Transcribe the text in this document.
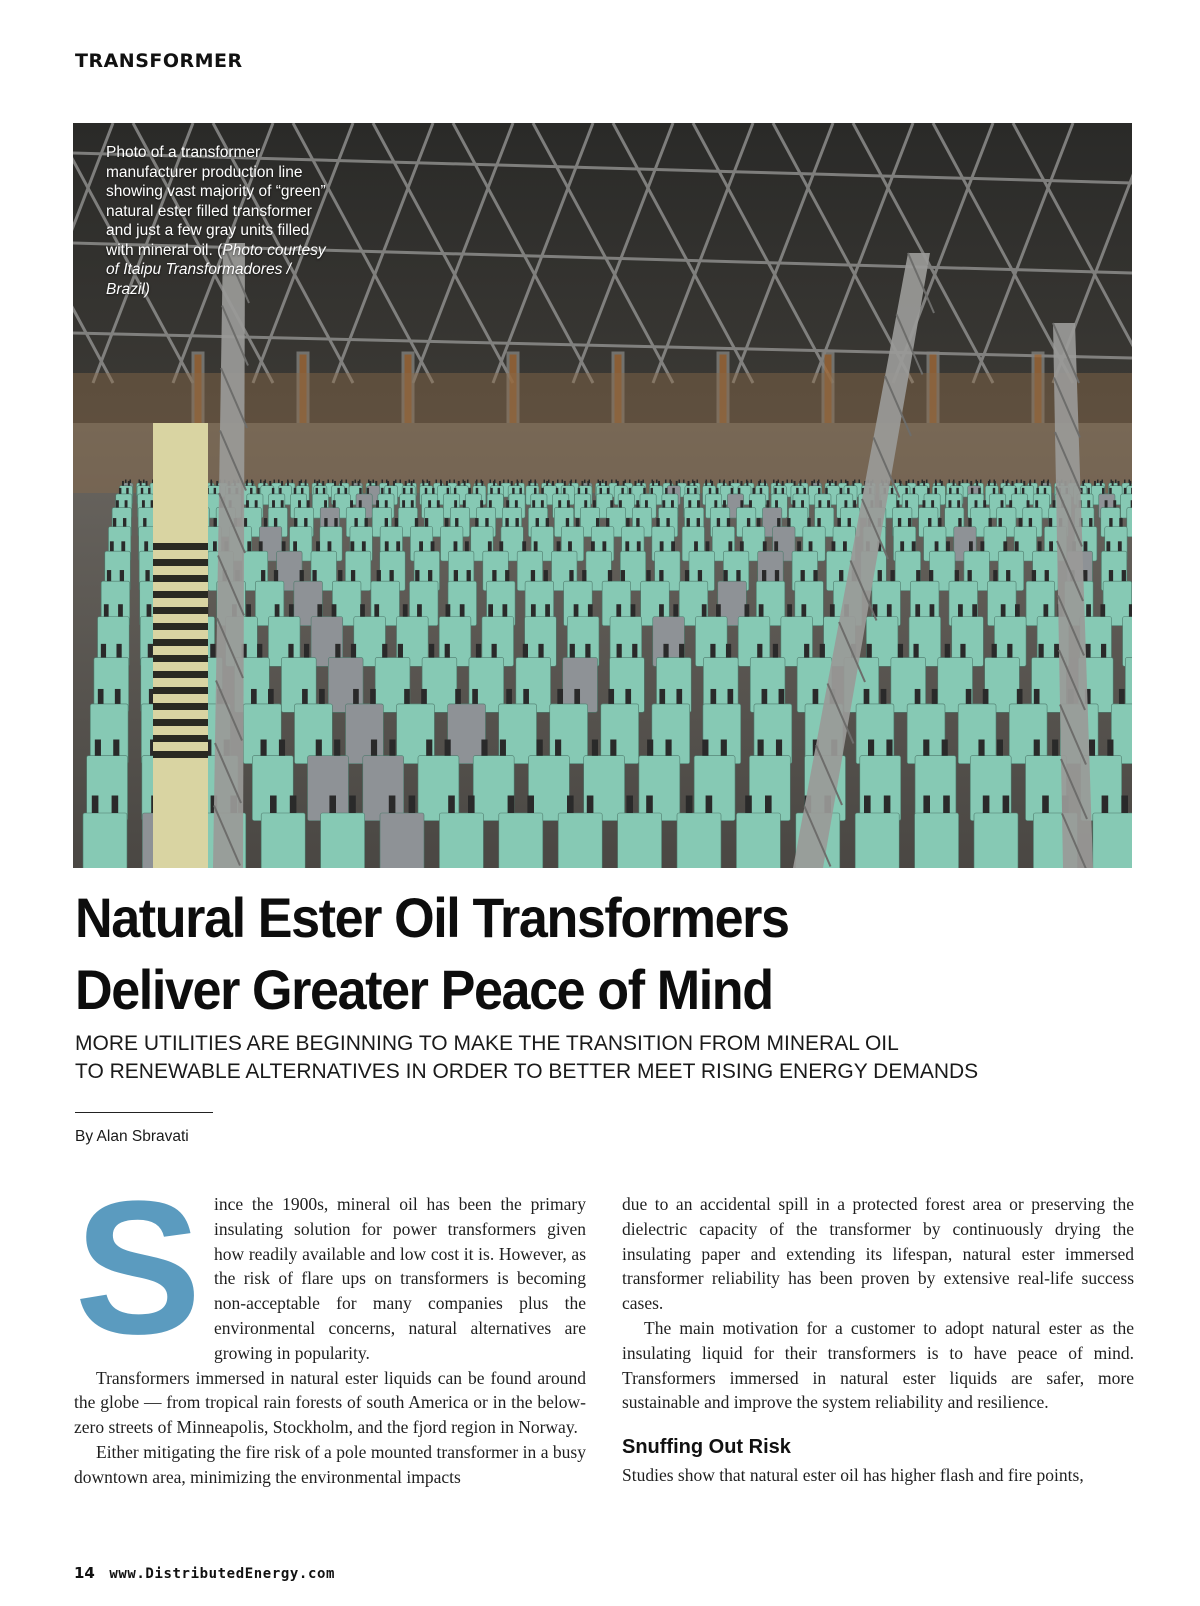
TRANSFORMER
Photo of a transformer manufacturer production line showing vast majority of “green” natural ester filled transformer and just a few gray units filled with mineral oil. (Photo courtesy of Itaipu Transformadores / Brazil)
Natural Ester Oil Transformers
Deliver Greater Peace of Mind
MORE UTILITIES ARE BEGINNING TO MAKE THE TRANSITION FROM MINERAL OIL
TO RENEWABLE ALTERNATIVES IN ORDER TO BETTER MEET RISING ENERGY DEMANDS
By Alan Sbravati
S ince the 1900s, mineral oil has been the primary insulating solution for power transformers given how readily available and low cost it is. However, as the risk of flare ups on transformers is becoming non-acceptable for many companies plus the environmental concerns, natural alternatives are growing in popularity.

Transformers immersed in natural ester liquids can be found around the globe — from tropical rain forests of south America or in the below-zero streets of Minneapolis, Stockholm, and the fjord region in Norway.

Either mitigating the fire risk of a pole mounted transformer in a busy downtown area, minimizing the environmental impacts

due to an accidental spill in a protected forest area or preserving the dielectric capacity of the transformer by continuously drying the insulating paper and extending its lifespan, natural ester immersed transformer reliability has been proven by extensive real-life success cases.

The main motivation for a customer to adopt natural ester as the insulating liquid for their transformers is to have peace of mind. Transformers immersed in natural ester liquids are safer, more sustainable and improve the system reliability and resilience.

Snuffing Out Risk

Studies show that natural ester oil has higher flash and fire points,

14 www.DistributedEnergy.com
